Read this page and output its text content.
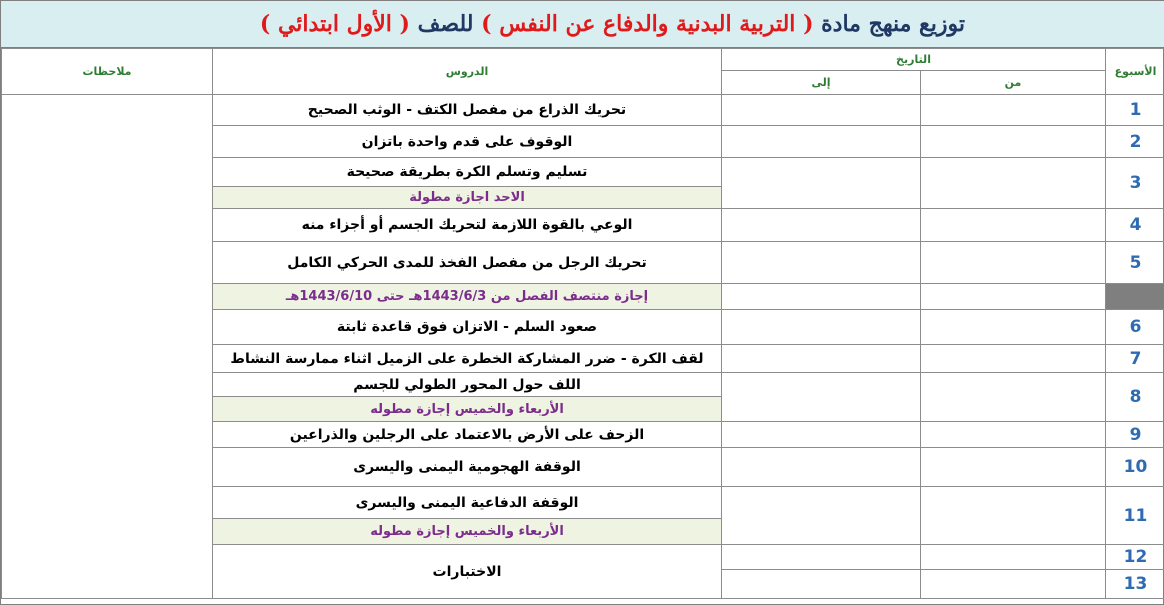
توزيع منهج مادة ( التربية البدنية والدفاع عن النفس ) للصف ( الأول ابتدائي )
ملاحظات	الدروس	التاريخ		الأسبوع
		إلى	من	
	تحريك الذراع من مفصل الكتف - الوثب الصحيح			1
	الوقوف على قدم واحدة باتزان			2
	تسليم وتسلم الكرة بطريقة صحيحة			3
	الاحد اجازة مطولة			
	الوعي بالقوة اللازمة لتحريك الجسم أو أجزاء منه			4
	تحريك الرجل من مفصل الفخذ للمدى الحركي الكامل			5
	إجازة منتصف الفصل من 1443/6/3هـ حتى 1443/6/10هـ			
	صعود السلم - الاتزان فوق قاعدة ثابتة			6
	لقف الكرة - ضرر المشاركة الخطرة على الزميل اثناء ممارسة النشاط			7
	اللف حول المحور الطولي للجسم			8
	الأربعاء والخميس إجازة مطوله			
	الزحف على الأرض بالاعتماد على الرجلين والذراعين			9
	الوقفة الهجومية اليمنى واليسرى			10
	الوقفة الدفاعية اليمنى واليسرى			11
	الأربعاء والخميس إجازة مطوله			
	الاختبارات			12
				13
